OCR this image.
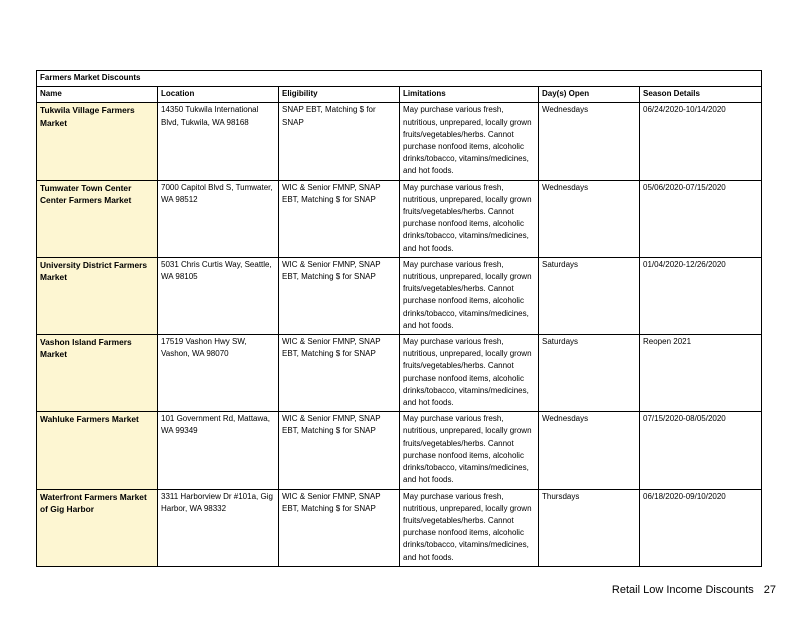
Farmers Market Discounts					
Name	Location	Eligibility	Limitations	Day(s) Open	Season Details
Tukwila Village Farmers Market	14350 Tukwila International Blvd, Tukwila, WA 98168	SNAP EBT, Matching $ for SNAP	May purchase various fresh, nutritious, unprepared, locally grown fruits/vegetables/herbs. Cannot purchase nonfood items, alcoholic drinks/tobacco, vitamins/medicines, and hot foods.	Wednesdays	06/24/2020-10/14/2020
Tumwater Town Center Center Farmers Market	7000 Capitol Blvd S, Tumwater, WA 98512	WIC & Senior FMNP, SNAP EBT, Matching $ for SNAP	May purchase various fresh, nutritious, unprepared, locally grown fruits/vegetables/herbs. Cannot purchase nonfood items, alcoholic drinks/tobacco, vitamins/medicines, and hot foods.	Wednesdays	05/06/2020-07/15/2020
University District Farmers Market	5031 Chris Curtis Way, Seattle, WA 98105	WIC & Senior FMNP, SNAP EBT, Matching $ for SNAP	May purchase various fresh, nutritious, unprepared, locally grown fruits/vegetables/herbs. Cannot purchase nonfood items, alcoholic drinks/tobacco, vitamins/medicines, and hot foods.	Saturdays	01/04/2020-12/26/2020
Vashon Island Farmers Market	17519 Vashon Hwy SW, Vashon, WA 98070	WIC & Senior FMNP, SNAP EBT, Matching $ for SNAP	May purchase various fresh, nutritious, unprepared, locally grown fruits/vegetables/herbs. Cannot purchase nonfood items, alcoholic drinks/tobacco, vitamins/medicines, and hot foods.	Saturdays	Reopen 2021
Wahluke Farmers Market	101 Government Rd, Mattawa, WA 99349	WIC & Senior FMNP, SNAP EBT, Matching $ for SNAP	May purchase various fresh, nutritious, unprepared, locally grown fruits/vegetables/herbs. Cannot purchase nonfood items, alcoholic drinks/tobacco, vitamins/medicines, and hot foods.	Wednesdays	07/15/2020-08/05/2020
Waterfront Farmers Market of Gig Harbor	3311 Harborview Dr #101a, Gig Harbor, WA 98332	WIC & Senior FMNP, SNAP EBT, Matching $ for SNAP	May purchase various fresh, nutritious, unprepared, locally grown fruits/vegetables/herbs. Cannot purchase nonfood items, alcoholic drinks/tobacco, vitamins/medicines, and hot foods.	Thursdays	06/18/2020-09/10/2020
Retail Low Income Discounts 27
